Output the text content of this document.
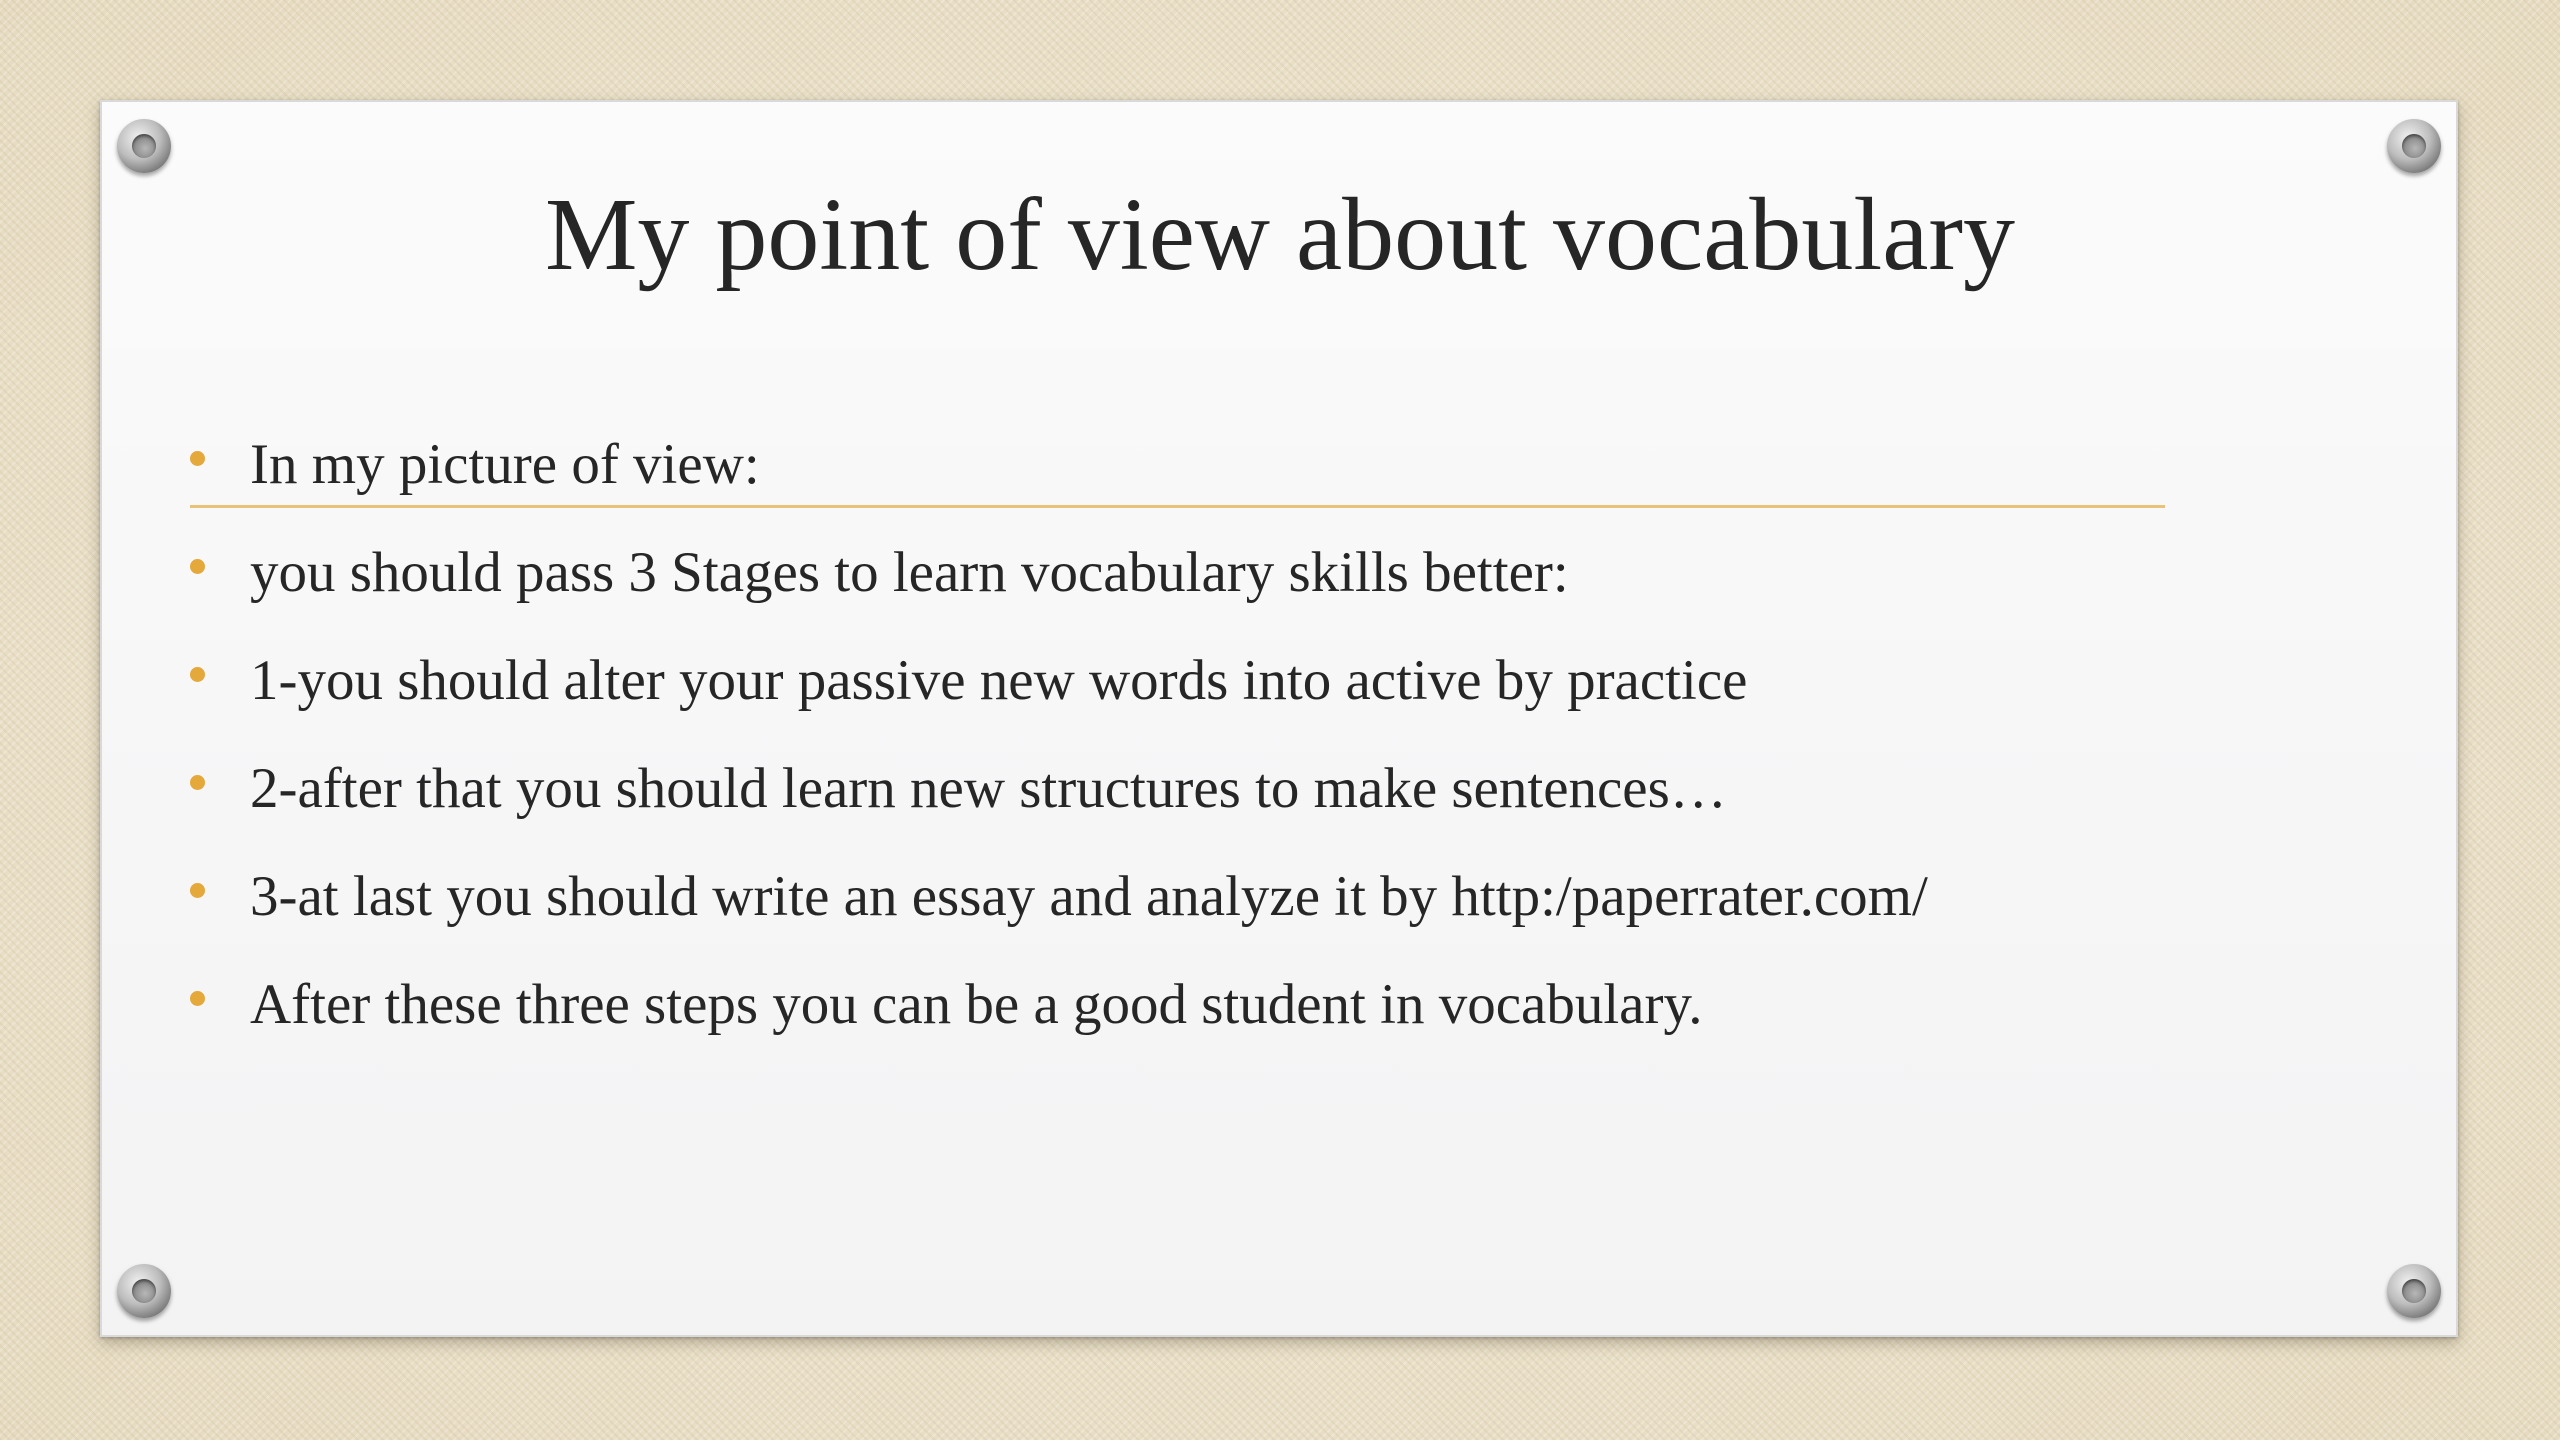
My point of view about vocabulary
In my picture of view:
you should pass 3 Stages to learn vocabulary skills better:
1-you should alter your passive new words into active by practice
2-after that you should learn new structures to make sentences…
3-at last you should write an essay and analyze it by http:/paperrater.com/
After these three steps you can be a good student in vocabulary.
